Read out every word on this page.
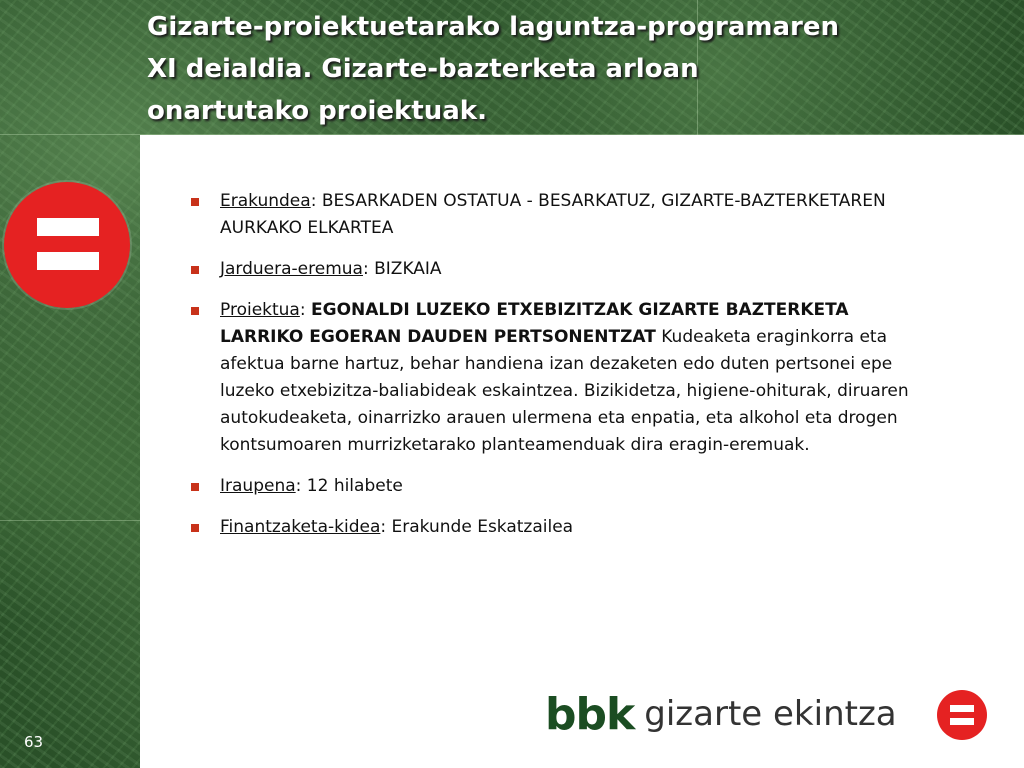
Gizarte-proiektuetarako laguntza-programaren
XI deialdia. Gizarte-bazterketa arloan
onartutako proiektuak.
Erakundea: BESARKADEN OSTATUA - BESARKATUZ, GIZARTE-BAZTERKETAREN AURKAKO ELKARTEA
Jarduera-eremua: BIZKAIA
Proiektua: EGONALDI LUZEKO ETXEBIZITZAK GIZARTE BAZTERKETA LARRIKO EGOERAN DAUDEN PERTSONENTZAT Kudeaketa eraginkorra eta afektua barne hartuz, behar handiena izan dezaketen edo duten pertsonei epe luzeko etxebizitza-baliabideak eskaintzea. Bizikidetza, higiene-ohiturak, diruaren autokudeaketa, oinarrizko arauen ulermena eta enpatia, eta alkohol eta drogen kontsumoaren murrizketarako planteamenduak dira eragin-eremuak.
Iraupena: 12 hilabete
Finantzaketa-kidea: Erakunde Eskatzailea
63
bbk gizarte ekintza
